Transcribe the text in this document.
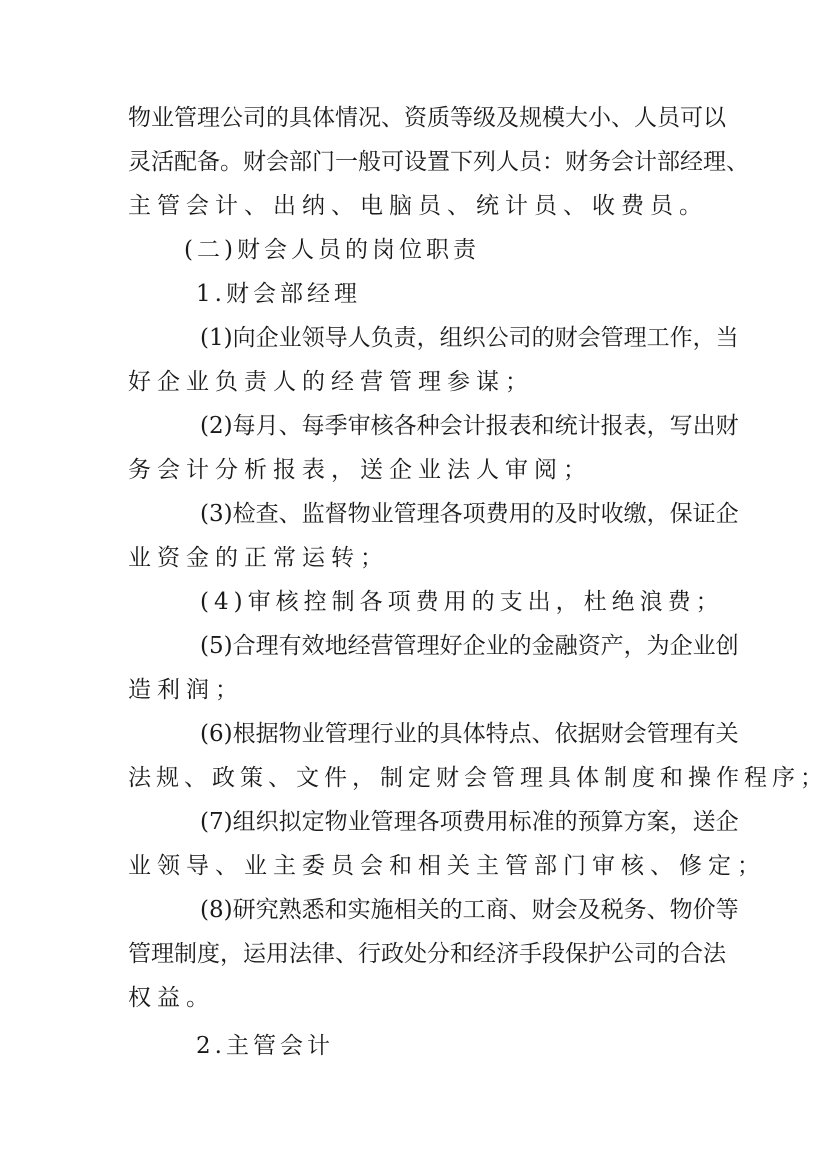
物业管理公司的具体情况、资质等级及规模大小、人员可以
灵活配备。财会部门一般可设置下列人员：财务会计部经理、
主管会计、出纳、电脑员、统计员、收费员。
(二)财会人员的岗位职责
1.财会部经理
(1)向企业领导人负责，组织公司的财会管理工作，当
好企业负责人的经营管理参谋；
(2)每月、每季审核各种会计报表和统计报表，写出财
务会计分析报表，送企业法人审阅；
(3)检查、监督物业管理各项费用的及时收缴，保证企
业资金的正常运转；
(4)审核控制各项费用的支出，杜绝浪费；
(5)合理有效地经营管理好企业的金融资产，为企业创
造利润；
(6)根据物业管理行业的具体特点、依据财会管理有关
法规、政策、文件，制定财会管理具体制度和操作程序；
(7)组织拟定物业管理各项费用标准的预算方案，送企
业领导、业主委员会和相关主管部门审核、修定；
(8)研究熟悉和实施相关的工商、财会及税务、物价等
管理制度，运用法律、行政处分和经济手段保护公司的合法
权益。
2.主管会计
